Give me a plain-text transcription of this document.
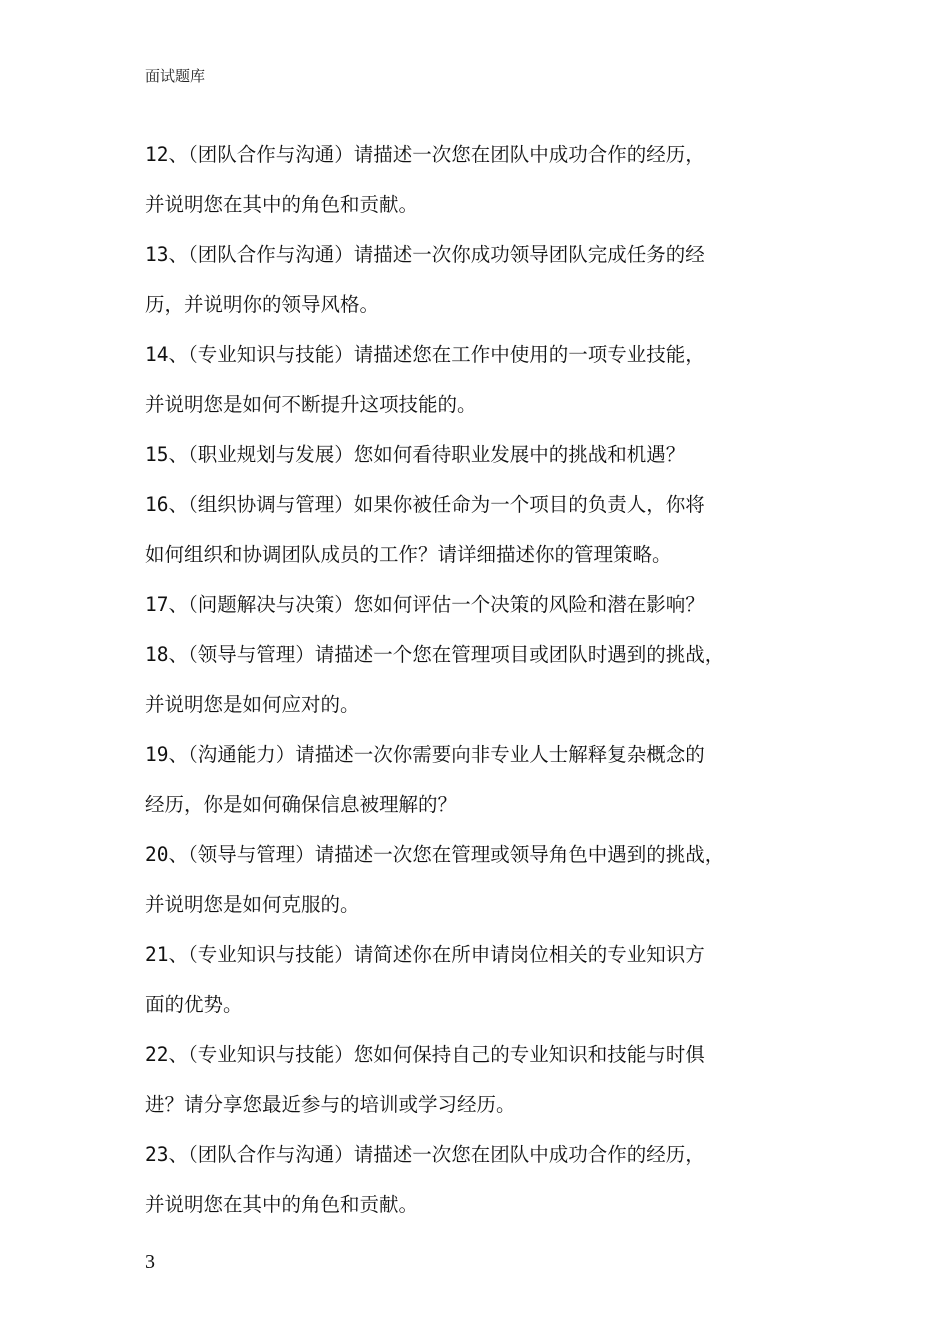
面试题库
12、（团队合作与沟通）请描述一次您在团队中成功合作的经历，
并说明您在其中的角色和贡献。
13、（团队合作与沟通）请描述一次你成功领导团队完成任务的经
历，并说明你的领导风格。
14、（专业知识与技能）请描述您在工作中使用的一项专业技能，
并说明您是如何不断提升这项技能的。
15、（职业规划与发展）您如何看待职业发展中的挑战和机遇？
16、（组织协调与管理）如果你被任命为一个项目的负责人，你将
如何组织和协调团队成员的工作？请详细描述你的管理策略。
17、（问题解决与决策）您如何评估一个决策的风险和潜在影响？
18、（领导与管理）请描述一个您在管理项目或团队时遇到的挑战，
并说明您是如何应对的。
19、（沟通能力）请描述一次你需要向非专业人士解释复杂概念的
经历，你是如何确保信息被理解的？
20、（领导与管理）请描述一次您在管理或领导角色中遇到的挑战，
并说明您是如何克服的。
21、（专业知识与技能）请简述你在所申请岗位相关的专业知识方
面的优势。
22、（专业知识与技能）您如何保持自己的专业知识和技能与时俱
进？请分享您最近参与的培训或学习经历。
23、（团队合作与沟通）请描述一次您在团队中成功合作的经历，
并说明您在其中的角色和贡献。
3
